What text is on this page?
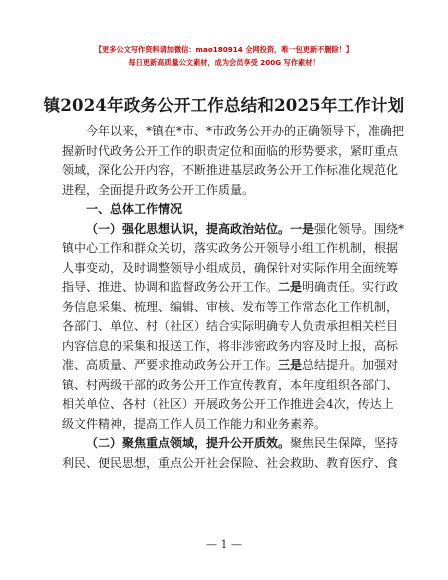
【更多公文写作资料请加微信：mao180914 全网投资，唯一包更新不删除！】
每日更新高质量公文素材，成为会员享受 200G 写作素材！
镇2024年政务公开工作总结和2025年工作计划
今年以来，*镇在*市、*市政务公开办的正确领导下，准确把
握新时代政务公开工作的职责定位和面临的形势要求，紧盯重点
领域，深化公开内容，不断推进基层政务公开工作标准化规范化
进程，全面提升政务公开工作质量。
一、总体工作情况
（一）强化思想认识，提高政治站位。一是强化领导。围绕*
镇中心工作和群众关切，落实政务公开领导小组工作机制，根据
人事变动，及时调整领导小组成员，确保针对实际作用全面统筹
指导、推进、协调和监督政务公开工作。二是明确责任。实行政
务信息采集、梳理、编辑、审核、发布等工作常态化工作机制，
各部门、单位、村（社区）结合实际明确专人负责承担相关栏目
内容信息的采集和报送工作，将非涉密政务内容及时上报，高标
准、高质量、严要求推动政务公开工作。三是总结提升。加强对
镇、村两级干部的政务公开工作宣传教育，本年度组织各部门、
相关单位、各村（社区）开展政务公开工作推进会4次，传达上
级文件精神，提高工作人员工作能力和业务素养。
（二）聚焦重点领域，提升公开质效。聚焦民生保障，坚持
利民、便民思想，重点公开社会保险、社会救助、教育医疗、食
— 1 —
